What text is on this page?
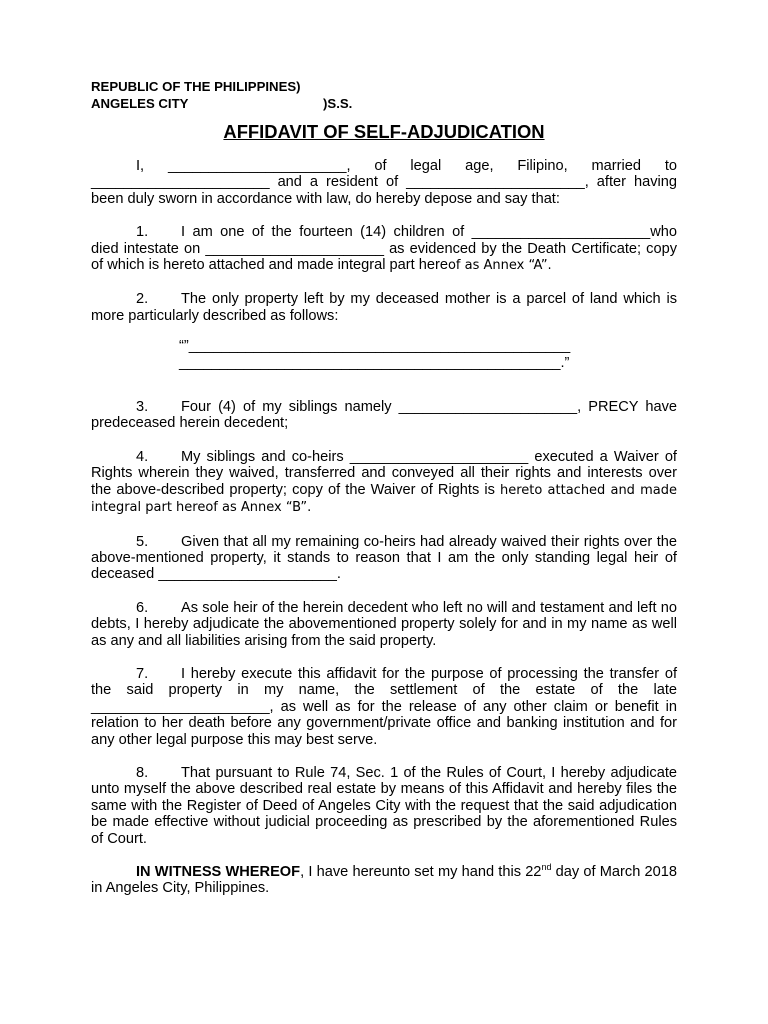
REPUBLIC OF THE PHILIPPINES)
ANGELES CITY	)S.S.
AFFIDAVIT OF SELF-ADJUDICATION

I, ______________________, of legal age, Filipino, married to ______________________ and a resident of ______________________, after having been duly sworn in accordance with law, do hereby depose and say that:

1. I am one of the fourteen (14) children of ______________________who died intestate on ______________________ as evidenced by the Death Certificate; copy of which is hereto attached and made integral part hereof as Annex “A”.

2. The only property left by my deceased mother is a parcel of land which is more particularly described as follows:

“”_______________________________________________
_______________________________________________.”

3. Four (4) of my siblings namely ______________________, PRECY have predeceased herein decedent;

4. My siblings and co-heirs ______________________ executed a Waiver of Rights wherein they waived, transferred and conveyed all their rights and interests over the above-described property; copy of the Waiver of Rights is hereto attached and made integral part hereof as Annex “B”.

5. Given that all my remaining co-heirs had already waived their rights over the above-mentioned property, it stands to reason that I am the only standing legal heir of deceased ______________________.

6. As sole heir of the herein decedent who left no will and testament and left no debts, I hereby adjudicate the abovementioned property solely for and in my name as well as any and all liabilities arising from the said property.

7. I hereby execute this affidavit for the purpose of processing the transfer of the said property in my name, the settlement of the estate of the late ______________________, as well as for the release of any other claim or benefit in relation to her death before any government/private office and banking institution and for any other legal purpose this may best serve.

8. That pursuant to Rule 74, Sec. 1 of the Rules of Court, I hereby adjudicate unto myself the above described real estate by means of this Affidavit and hereby files the same with the Register of Deed of Angeles City with the request that the said adjudication be made effective without judicial proceeding as prescribed by the aforementioned Rules of Court.

IN WITNESS WHEREOF, I have hereunto set my hand this 22nd day of March 2018 in Angeles City, Philippines.
